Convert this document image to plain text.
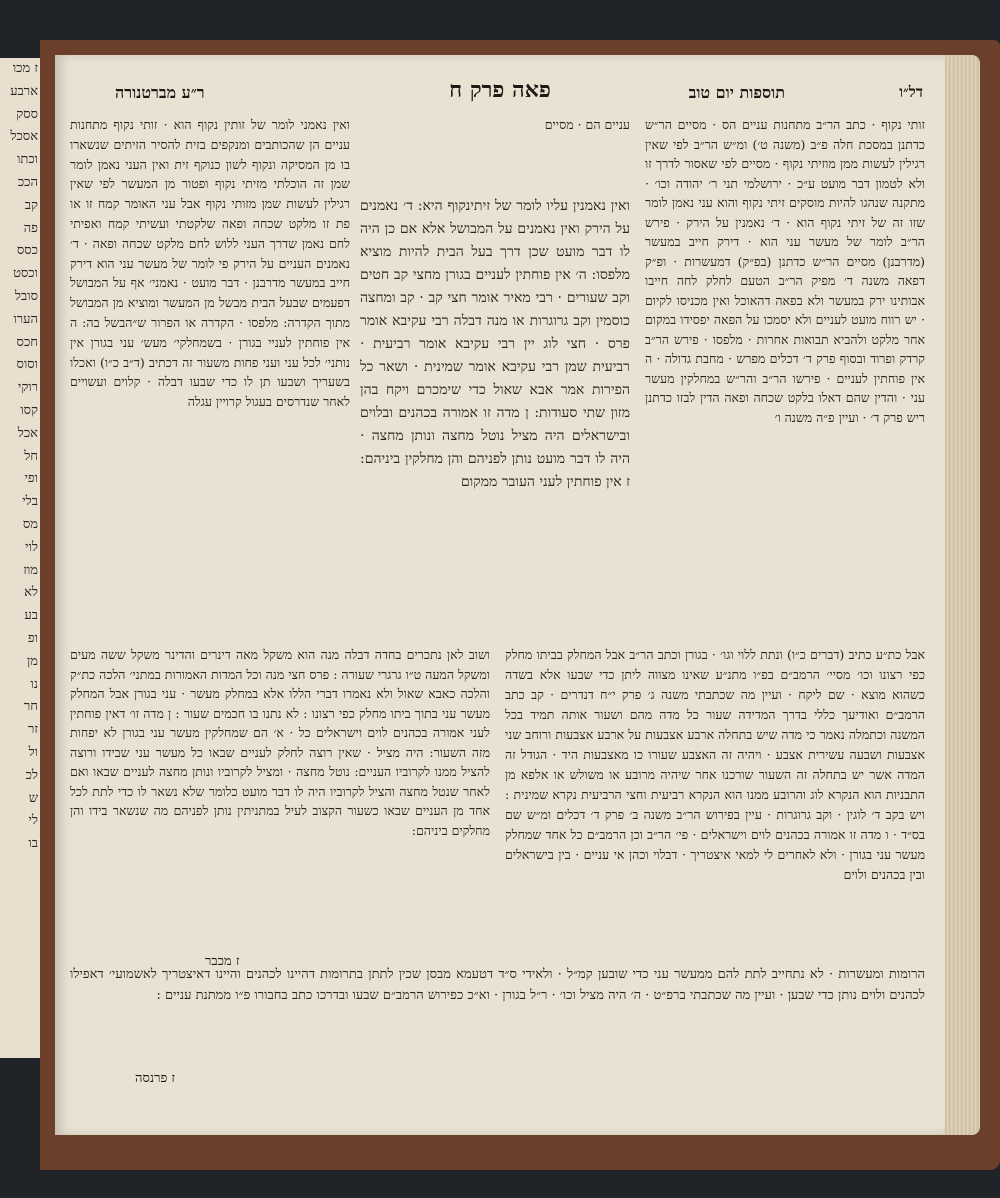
ז מכו
ארבע
ססק
אסכל
וכתו
הככ
קב
פה
כסס
וכסט
סובל
הערו
חכס
וסוס
רוקי
קסו
אכל
חל
ופי
בלי
מס
לוי
מוז
לא
בע
ופ
מן
נו
חר
זר
ול
לכ
ש
לי
בו
דל״ו
תוספות יום טוב
פאה פרק ח
ר״ע מברטנורה

זותי נקוף · כתב הר״ב מתחנות עניים הס · מסיים הר״ש כדתנן במסכת חלה פ״ב (משנה ט׳) ומ״ש הר״ב לפי שאין רגילין לעשות ממן מוזיתי נקוף · מסיים לפי שאסור לדרך זו ולא לטמון דבר מועט ע״כ · ירושלמי תני ר׳ יהודה וכו׳ · מתקנה שנהגו להיות מוסקים זיתי נקוף והוא עני נאמן לומר שזו זה של זיתי נקוף הוא · ד׳ נאמנין על הירק · פירש הר״ב לומר של מעשר עני הוא · דירק חייב במעשר (מדרבנן) מסיים הר״ש כדתנן (בפ״ק) דמעשרות · ופ״ק דפאה משנה ד׳ מפיק הר״ב הטעם לחלק לחה חייבו אבותינו ירק במעשר ולא בפאה דהאוכל ואין מכניסו לקיום · יש רווח מועט לעניים ולא יסמכו על הפאה יפסידו במקום אחר מלקט ולהביא תבואות אחרות · מלפסו · פירש הר״ב קרדק ופרוד ובסוף פרק ד׳ דכלים מפרש · מחבת גדולה · ה אין פוחתין לעניים · פירשו הר״ב והר״ש במחלקין מעשר עני · והדין שהם דאלו בלקט שכחה ופאה הדין לבזו כדתנן ריש פרק ד׳ · ועיין פ״ה משנה ו׳

עניים הם · מסיים

ואין נאמנין עליו לומר של זיתינקוף היא: ד׳ נאמנים על הירק ואין נאמנים על המבושל אלא אם כן היה לו דבר מועט שכן דרך בעל הבית להיות מוציא מלפסו: ה׳ אין פוחתין לעניים בגורן מחצי קב חטים וקב שעורים · רבי מאיר אומר חצי קב · קב ומחצה כוסמין וקב גרוגרות או מנה דבלה רבי עקיבא אומר פרס · חצי לוג יין רבי עקיבא אומר רביעית · רביעית שמן רבי עקיבא אומר שמינית · ושאר כל הפירות אמר אבא שאול כדי שימכרם ויקח בהן מזון שתי סעודות: ן מדה זו אמורה בכהנים ובלוים ובישראלים היה מציל נוטל מחצה ונותן מחצה · היה לו דבר מועט נותן לפניהם והן מחלקין ביניהם: ז אין פוחתין לעני העובר ממקום

ואין נאמני לומר של זותין נקוף הוא · זותי נקוף מתחנות עניים הן שהכותבים ומנקפים בזית להסיר הזיתים שנשארו בו מן המסיקה ונקוף לשון כנוקף זית ואין העני נאמן לומר שמן זה הוכלתי מזיתי נקוף ופטור מן המעשר לפי שאין רגילין לעשות שמן מזותי נקוף אבל עני האומר קמח זו או פת זו מלקט שכחה ופאה שלקטתי ועשיתי קמח ואפיתי לחם נאמן שדרך העני ללוש לחם מלקט שכחה ופאה · ד׳ נאמנים העניים על הירק פי לומר של מעשר עני הוא דירק חייב במעשר מדרבנן · דבר מועט · נאמני׳ אף על המבושל דפעמים שבעל הבית מבשל מן המעשר ומוציא מן המבושל מתוך הקדרה: מלפסו · הקדרה או הפרור ש״הבשל בה: ה אין פוחתין לעניי בגורן · בשמחלקי׳ מעש׳ עני בגורן אין נותני׳ לכל עני ועני פחות משעור זה דכתיב (ד״ב כ״ו) ואכלו בשעריך ושבעו תן לו כדי שבעו דבלה · קלוים ועשויים לאחר שנדרסים בעגול קרויין עגלה

אבל כת״ע כתיב (דברים כ״ו) ונתת ללוי וגו׳ · בגורן וכתב הר״ב אבל המחלק בביתו מחלק כפי רצונו וכו׳ מסיי׳ הרמב״ם בפ״ו מתנ״ע שאינו מצווה ליתן כדי שבעו אלא בשדה כשהוא מוצא · שם ליקח · ועיין מה שכתבתי משנה ג׳ פרק י״ח דנדרים · קב כתב הרמב״ם ואודיעך כללי בדרך המדידה שעור כל מדה מהם ושעור אותה תמיד בכל המשנה וכתמלה נאמר כי מדה שיש בתחלה ארבע אצבעות על ארבע אצבעות ורוחב שני אצבעות ושבעה עשירית אצבע · ויהיה זה האצבע שעורו כו מאצבעות היד · הגודל זה המדה אשר יש בתחלה זה השעור שורכנו אחר שיהיה מרובע או משולש או אלפא מן התבניות הוא הנקרא לוג והרובע ממנו הוא הנקרא רביעית וחצי הרביעית נקרא שמינית : ויש בקב ד׳ לוגין · וקב גרוגרות · עיין בפירוש הר״ב משנה ב׳ פרק ד׳ דכלים ומ״ש שם בס״ד · ו מדה זו אמורה בכהנים לוים וישראלים · פי׳ הר״ב וכן הרמב״ם כל אחד שמחלק מעשר עני בגורן · ולא לאחרים לי למאי איצטריך · דבלוי וכהן אי עניים · בין בישראלים ובין בכהנים ולוים

ושוב לאן נתכרים בחדה דבלה מנה הוא משקל מאה דינרים והדינר משקל ששה מעים ומשקל המעה ט״ו גרגרי שעורה : פרס חצי מנה וכל המדות האמורות במתני׳ הלכה כת״ק והלכה כאבא שאול ולא נאמרו דברי הללו אלא במחלק מעשר · עני בגורן אבל המחלק מעשר עני בתוך ביתו מחלק כפי רצונו : לא נתנו בו חכמים שעור : ן מדה זו׳ דאין פוחתין לעני אמורה בכהנים לוים וישראלים כל · א׳ הם שמחלקין מעשר עני בגורן לא יפחות מזה השעור: היה מציל · שאין רוצה לחלק לעניים שבאו כל מעשר עני שבידו ורוצה להציל ממנו לקרוביו העניים: נוטל מחצה · ומציל לקרוביו ונותן מחצה לעניים שבאו ואם לאחר שנטל מחצה והציל לקרוביו היה לו דבר מועט כלומר שלא נשאר לו כדי לתת לכל אחד מן העניים שבאו כשעור הקצוב לעיל במתניתין נותן לפניהם מה שנשאר בידו והן מחלקים ביניהם:

ז מכבר

הרומות ומעשרות · לא נתחייב לתת להם ממעשר עני כדי שובען קמ״ל · ולאידי ס״ד דטעמא מבסן שכין לתתן בתרומות דהיינו לכהנים והיינו דאיצטריך לאשמועי׳ דאפילו לכהנים ולוים נותן כדי שבען · ועיין מה שכתבתי ברפ״ט · ה׳ היה מציל וכו׳ · ר״ל בגורן · וא״כ כפירוש הרמב״ם שבעו ובדרכו כתב בחבורו פ״ו ממתנת עניים :

ז פרנסה
